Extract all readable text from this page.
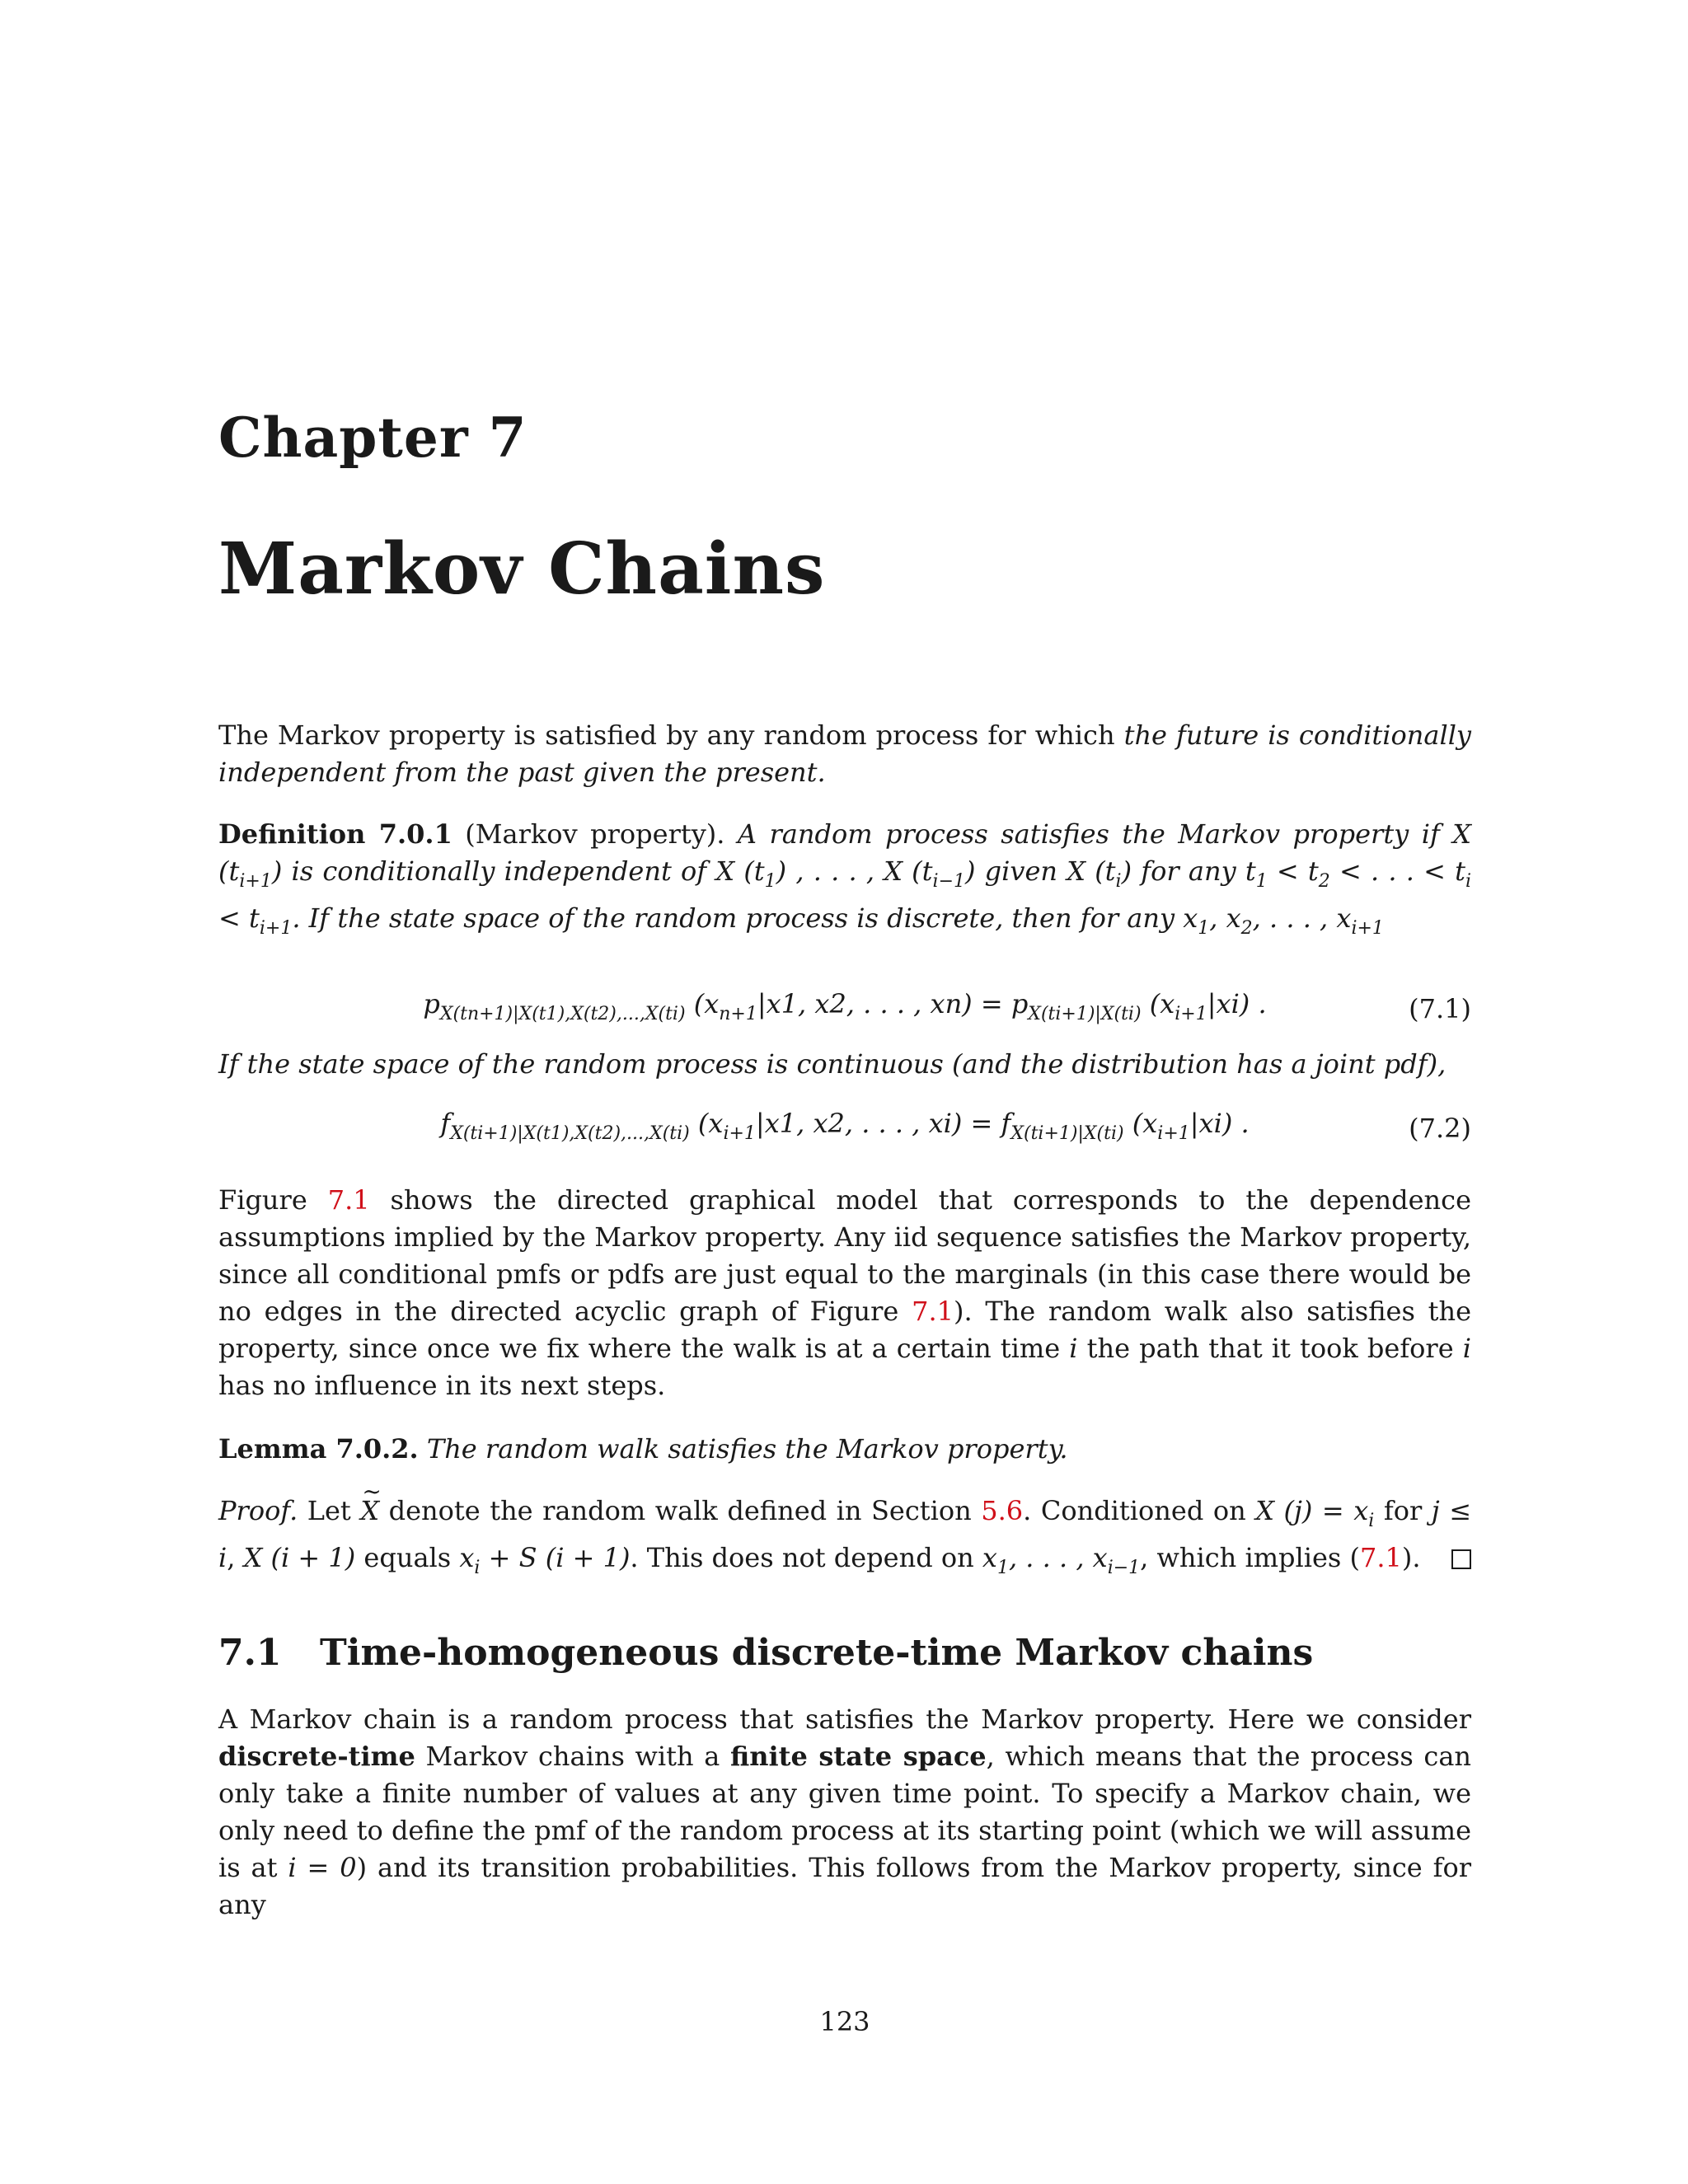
Chapter 7
Markov Chains

The Markov property is satisfied by any random process for which the future is conditionally independent from the past given the present.

Definition 7.0.1 (Markov property). A random process satisfies the Markov property if X $(t_{i+1})$ is conditionally independent of X $(t_1)$ , . . . , X $(t_{i-1})$ given X $(t_i)$ for any $t_1 < t_2$ < . . . < $t_i < t_{i+1}$. If the state space of the random process is discrete, then for any $x_1$, $x_2$, . . . , $x_{i+1}$

$p_{X(tn+1)|X(t1),X(t2),...,X(ti)}$ ($x_{n+1}|x1$, x2, . . . , $xn) = p_{X(ti+1)|X(ti)}$ $(x_{i+1}|xi)$ .	(7.1)

If the state space of the random process is continuous (and the distribution has a joint pdf),

$f_{X(ti+1)|X(t1),X(t2),...,X(ti)}$ ($x_{i+1}|x1$, x2, . . . , $xi) = f_{X(ti+1)|X(ti)}$ $(x_{i+1}|xi)$ .	(7.2)

Figure 7.1 shows the directed graphical model that corresponds to the dependence assumptions implied by the Markov property. Any iid sequence satisfies the Markov property, since all conditional pmfs or pdfs are just equal to the marginals (in this case there would be no edges in the directed acyclic graph of Figure 7.1). The random walk also satisfies the property, since once we fix where the walk is at a certain time i the path that it took before i has no influence in its next steps.

Lemma 7.0.2. The random walk satisfies the Markov property.

Proof. Let ~ X denote the random walk defined in Section 5.6. Conditioned on X $(j) = x_i$ for j ≤ i, X (i + 1) equals $x_i + S$ (i + 1). This does not depend on $x_1$, . . . , $x_{i-1}$, which implies (7.1).

7.1 Time-homogeneous discrete-time Markov chains

A Markov chain is a random process that satisfies the Markov property. Here we consider discrete-time Markov chains with a finite state space, which means that the process can only take a finite number of values at any given time point. To specify a Markov chain, we only need to define the pmf of the random process at its starting point (which we will assume is at i = 0) and its transition probabilities. This follows from the Markov property, since for any

123
